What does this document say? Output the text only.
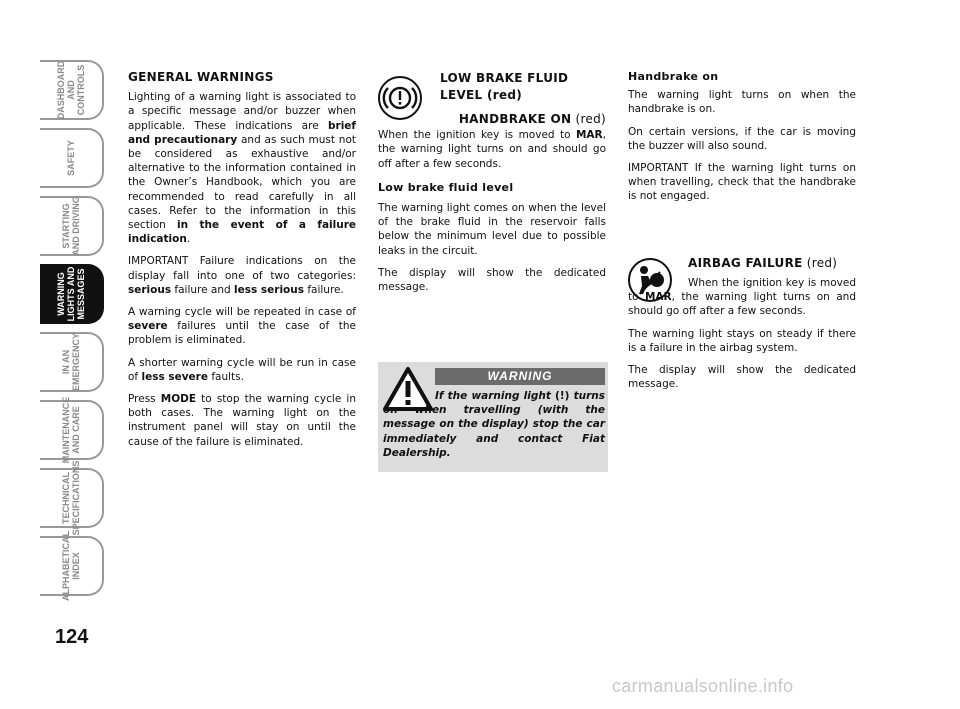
DASHBOARD
AND
CONTROLS
SAFETY
STARTING
AND DRIVING
WARNING
LIGHTS AND
MESSAGES
IN AN
EMERGENCY
MAINTENANCE
AND CARE
TECHNICAL
SPECIFICATIONS
ALPHABETICAL
INDEX
124

GENERAL WARNINGS

Lighting of a warning light is associated to a specific message and/or buzzer when applicable. These indications are brief and precautionary and as such must not be considered as exhaustive and/or alternative to the information contained in the Owner’s Handbook, which you are recommended to read carefully in all cases. Refer to the information in this section in the event of a failure indication.

IMPORTANT Failure indications on the display fall into one of two categories: serious failure and less serious failure.

A warning cycle will be repeated in case of severe failures until the case of the problem is eliminated.

A shorter warning cycle will be run in case of less severe faults.

Press MODE to stop the warning cycle in both cases. The warning light on the instrument panel will stay on until the cause of the failure is eliminated.

LOW BRAKE FLUID LEVEL (red)
HANDBRAKE ON (red)

When the ignition key is moved to MAR, the warning light turns on and should go off after a few seconds.

Low brake fluid level

The warning light comes on when the level of the brake fluid in the reservoir falls below the minimum level due to possible leaks in the circuit.

The display will show the dedicated message.

WARNING
If the warning light (!) turns on when travelling (with the message on the display) stop the car immediately and contact Fiat Dealership.

Handbrake on

The warning light turns on when the handbrake is on.

On certain versions, if the car is moving the buzzer will also sound.

IMPORTANT If the warning light turns on when travelling, check that the handbrake is not engaged.

AIRBAG FAILURE (red)

When the ignition key is moved to MAR, the warning light turns on and should go off after a few seconds.

The warning light stays on steady if there is a failure in the airbag system.

The display will show the dedicated message.

carmanualsonline.info
